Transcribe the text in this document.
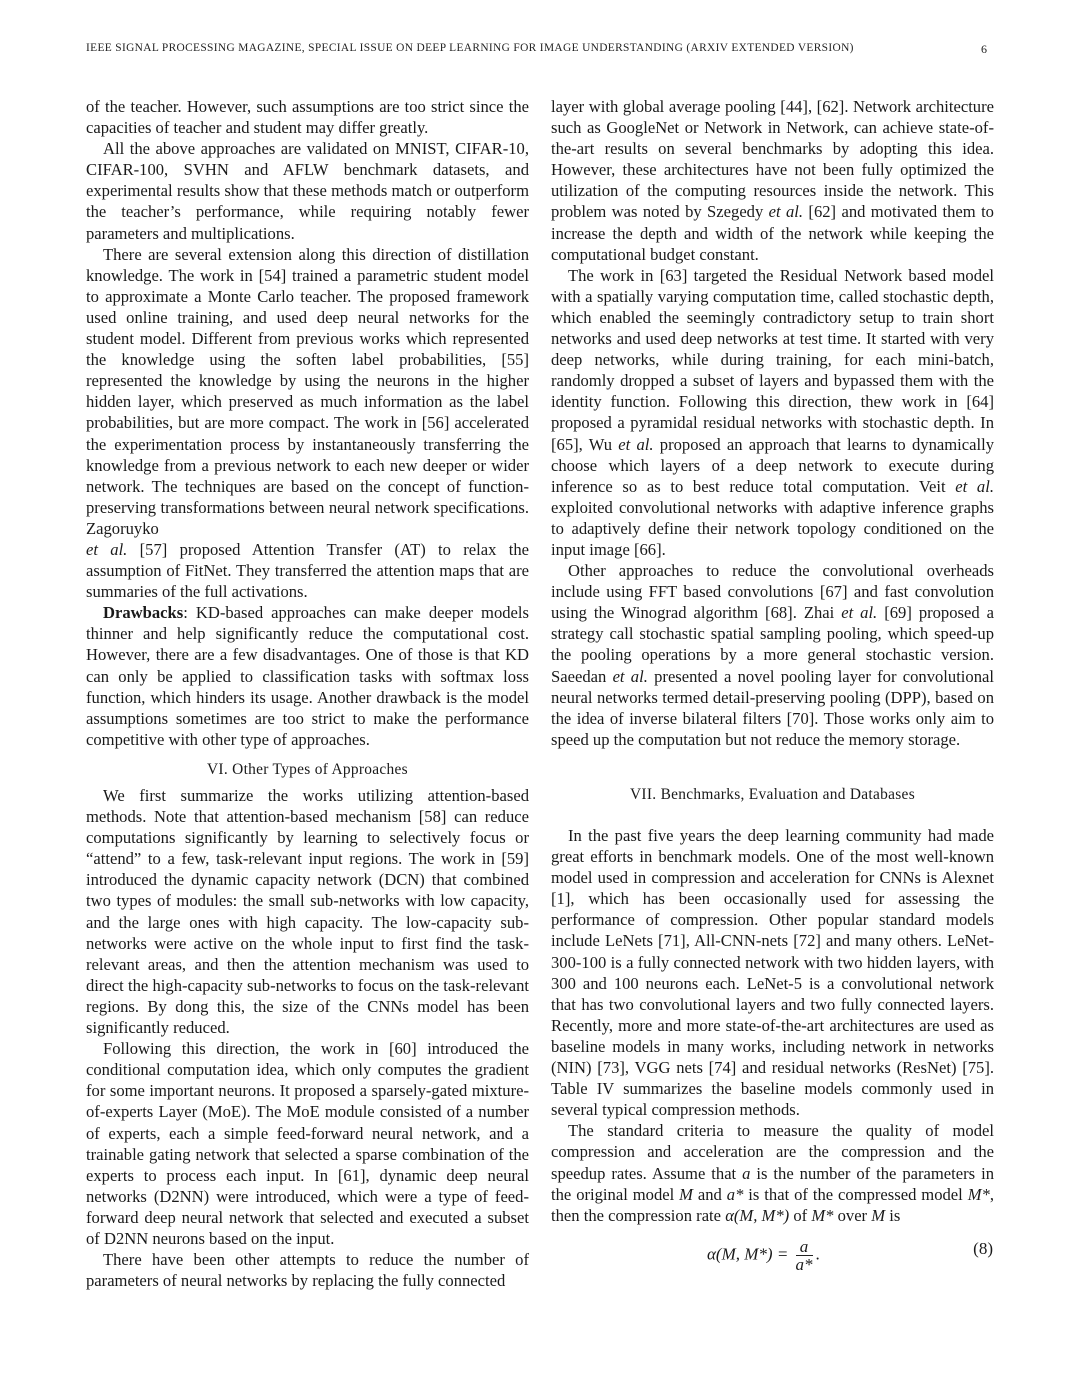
IEEE SIGNAL PROCESSING MAGAZINE, SPECIAL ISSUE ON DEEP LEARNING FOR IMAGE UNDERSTANDING (ARXIV EXTENDED VERSION)	6

of the teacher. However, such assumptions are too strict since the capacities of teacher and student may differ greatly.

All the above approaches are validated on MNIST, CIFAR-10, CIFAR-100, SVHN and AFLW benchmark datasets, and experimental results show that these methods match or outperform the teacher’s performance, while requiring notably fewer parameters and multiplications.

There are several extension along this direction of distillation knowledge. The work in [54] trained a parametric student model to approximate a Monte Carlo teacher. The proposed framework used online training, and used deep neural networks for the student model. Different from previous works which represented the knowledge using the soften label probabilities, [55] represented the knowledge by using the neurons in the higher hidden layer, which preserved as much information as the label probabilities, but are more compact. The work in [56] accelerated the experimentation process by instantaneously transferring the knowledge from a previous network to each new deeper or wider network. The techniques are based on the concept of function-preserving transformations between neural network specifications. Zagoruyko
et al. [57] proposed Attention Transfer (AT) to relax the assumption of FitNet. They transferred the attention maps that are summaries of the full activations.

Drawbacks: KD-based approaches can make deeper models thinner and help significantly reduce the computational cost. However, there are a few disadvantages. One of those is that KD can only be applied to classification tasks with softmax loss function, which hinders its usage. Another drawback is the model assumptions sometimes are too strict to make the performance competitive with other type of approaches.

VI. Other Types of Approaches

We first summarize the works utilizing attention-based methods. Note that attention-based mechanism [58] can reduce computations significantly by learning to selectively focus or “attend” to a few, task-relevant input regions. The work in [59] introduced the dynamic capacity network (DCN) that combined two types of modules: the small sub-networks with low capacity, and the large ones with high capacity. The low-capacity sub-networks were active on the whole input to first find the task-relevant areas, and then the attention mechanism was used to direct the high-capacity sub-networks to focus on the task-relevant regions. By dong this, the size of the CNNs model has been significantly reduced.

Following this direction, the work in [60] introduced the conditional computation idea, which only computes the gradient for some important neurons. It proposed a sparsely-gated mixture-of-experts Layer (MoE). The MoE module consisted of a number of experts, each a simple feed-forward neural network, and a trainable gating network that selected a sparse combination of the experts to process each input. In [61], dynamic deep neural networks (D2NN) were introduced, which were a type of feed-forward deep neural network that selected and executed a subset of D2NN neurons based on the input.

There have been other attempts to reduce the number of parameters of neural networks by replacing the fully connected

layer with global average pooling [44], [62]. Network architecture such as GoogleNet or Network in Network, can achieve state-of-the-art results on several benchmarks by adopting this idea. However, these architectures have not been fully optimized the utilization of the computing resources inside the network. This problem was noted by Szegedy et al. [62] and motivated them to increase the depth and width of the network while keeping the computational budget constant.

The work in [63] targeted the Residual Network based model with a spatially varying computation time, called stochastic depth, which enabled the seemingly contradictory setup to train short networks and used deep networks at test time. It started with very deep networks, while during training, for each mini-batch, randomly dropped a subset of layers and bypassed them with the identity function. Following this direction, thew work in [64] proposed a pyramidal residual networks with stochastic depth. In [65], Wu et al. proposed an approach that learns to dynamically choose which layers of a deep network to execute during inference so as to best reduce total computation. Veit et al. exploited convolutional networks with adaptive inference graphs to adaptively define their network topology conditioned on the input image [66].

Other approaches to reduce the convolutional overheads include using FFT based convolutions [67] and fast convolution using the Winograd algorithm [68]. Zhai et al. [69] proposed a strategy call stochastic spatial sampling pooling, which speed-up the pooling operations by a more general stochastic version. Saeedan et al. presented a novel pooling layer for convolutional neural networks termed detail-preserving pooling (DPP), based on the idea of inverse bilateral filters [70]. Those works only aim to speed up the computation but not reduce the memory storage.

VII. Benchmarks, Evaluation and Databases

In the past five years the deep learning community had made great efforts in benchmark models. One of the most well-known model used in compression and acceleration for CNNs is Alexnet [1], which has been occasionally used for assessing the performance of compression. Other popular standard models include LeNets [71], All-CNN-nets [72] and many others. LeNet-300-100 is a fully connected network with two hidden layers, with 300 and 100 neurons each. LeNet-5 is a convolutional network that has two convolutional layers and two fully connected layers. Recently, more and more state-of-the-art architectures are used as baseline models in many works, including network in networks (NIN) [73], VGG nets [74] and residual networks (ResNet) [75]. Table IV summarizes the baseline models commonly used in several typical compression methods.

The standard criteria to measure the quality of model compression and acceleration are the compression and the speedup rates. Assume that a is the number of the parameters in the original model M and a* is that of the compressed model M*, then the compression rate α(M, M*) of M* over M is

α(M, $M*) = \frac{a}{a*}$ .	(8)
